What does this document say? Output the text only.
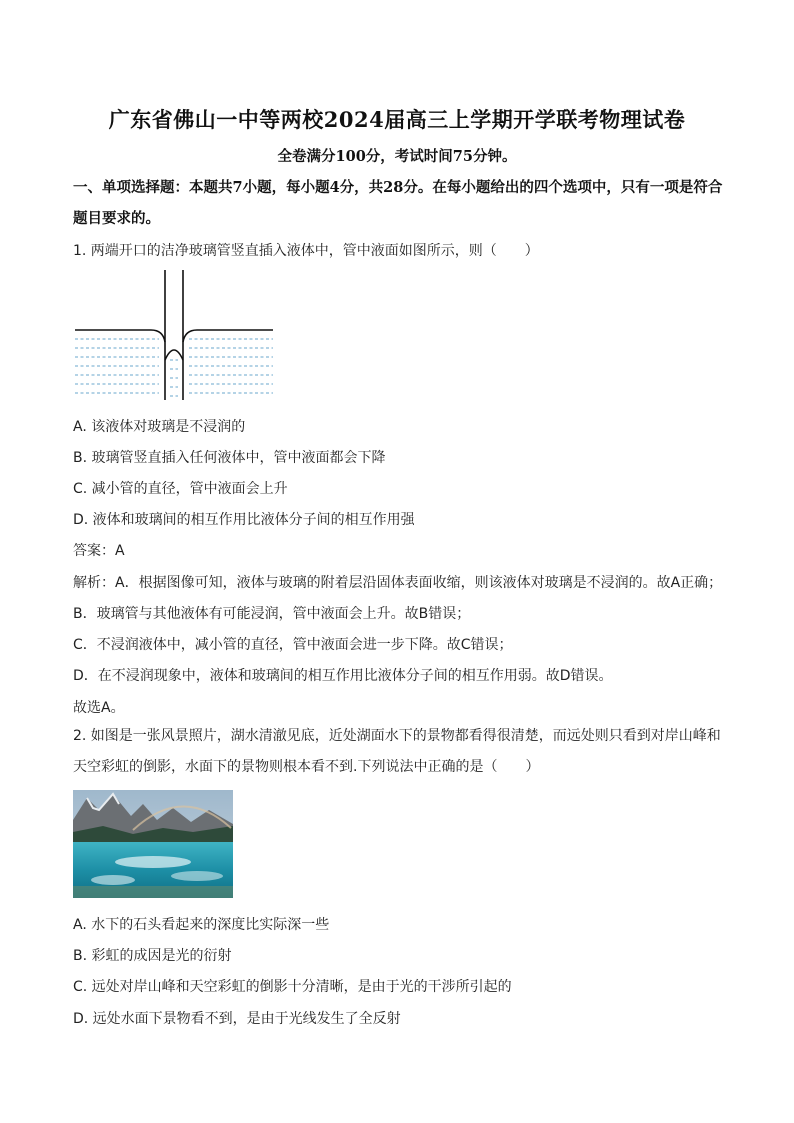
广东省佛山一中等两校2024届高三上学期开学联考物理试卷
全卷满分100分，考试时间75分钟。
一、单项选择题：本题共7小题，每小题4分，共28分。在每小题给出的四个选项中，只有一项是符合题目要求的。
1. 两端开口的洁净玻璃管竖直插入液体中，管中液面如图所示，则（　　）
A. 该液体对玻璃是不浸润的
B. 玻璃管竖直插入任何液体中，管中液面都会下降
C. 减小管的直径，管中液面会上升
D. 液体和玻璃间的相互作用比液体分子间的相互作用强
答案：A
解析：A．根据图像可知，液体与玻璃的附着层沿固体表面收缩，则该液体对玻璃是不浸润的。故A正确；
B．玻璃管与其他液体有可能浸润，管中液面会上升。故B错误；
C．不浸润液体中，减小管的直径，管中液面会进一步下降。故C错误；
D．在不浸润现象中，液体和玻璃间的相互作用比液体分子间的相互作用弱。故D错误。
故选A。
2. 如图是一张风景照片，湖水清澈见底，近处湖面水下的景物都看得很清楚，而远处则只看到对岸山峰和天空彩虹的倒影，水面下的景物则根本看不到.下列说法中正确的是（　　）
A. 水下的石头看起来的深度比实际深一些
B. 彩虹的成因是光的衍射
C. 远处对岸山峰和天空彩虹的倒影十分清晰，是由于光的干涉所引起的
D. 远处水面下景物看不到，是由于光线发生了全反射
